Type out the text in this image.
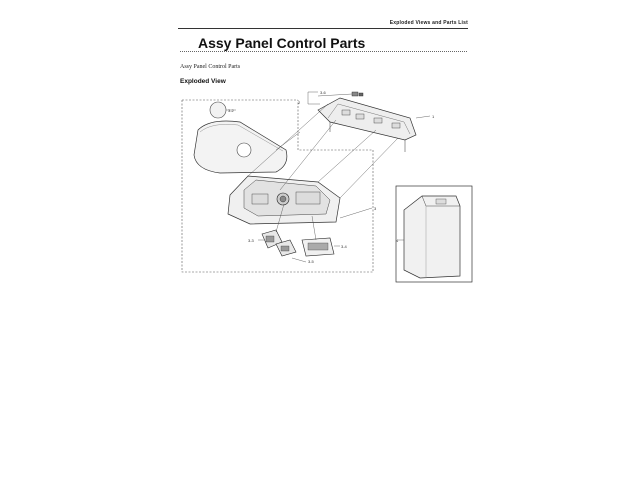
Exploded Views and Parts List
Assy Panel Control Parts
Assy Panel Control Parts
Exploded View
1
2
3-6
3
3-2
3-3
3-5
3-4
4
